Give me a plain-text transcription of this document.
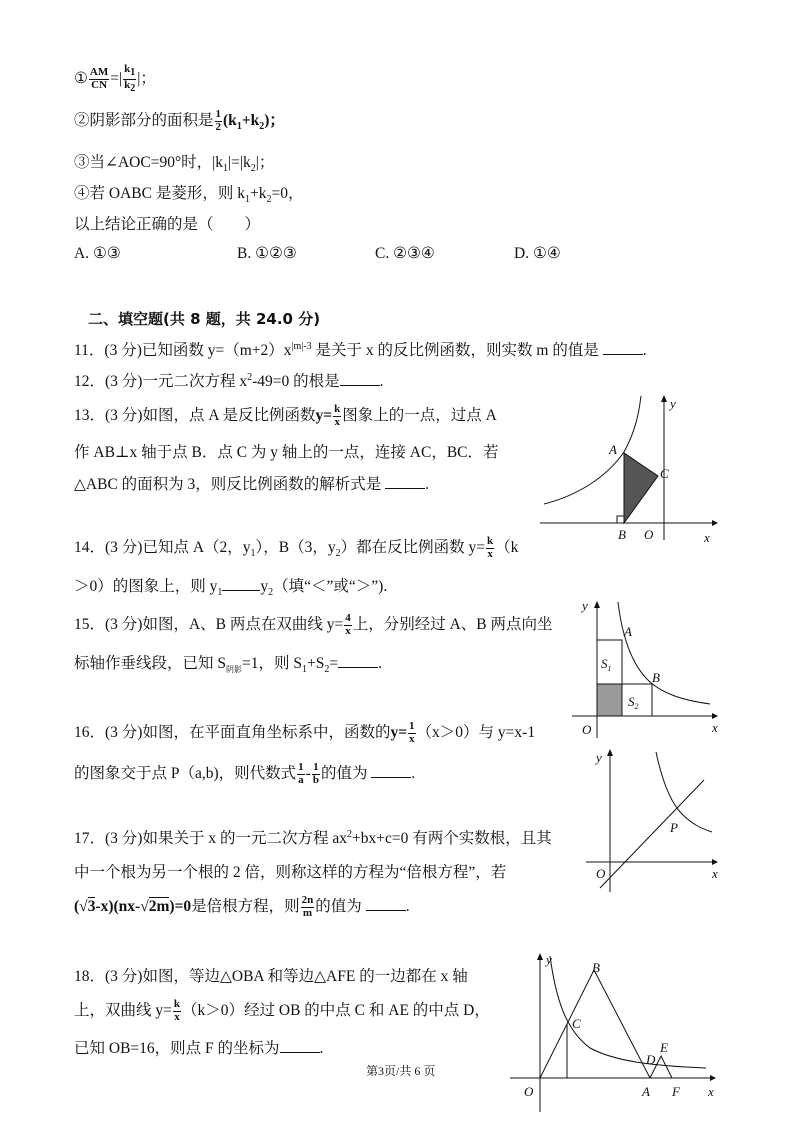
① $\frac{AM}{CN}$ =| $\frac{k_1}{k_2}$ |；
②阴影部分的面积是 $\frac{1}{2} (k_1+k_2)$；
③当∠AOC=90°时，$|k_1|=|k_2|$；
④若 OABC 是菱形，则 $k_1+k_2=0$，
以上结论正确的是（　　）
A. ①③	B. ①②③	C. ②③④	D. ①④
二、填空题(共 8 题，共 24.0 分)
11．(3 分)已知函数 $y=(m+2)x^{|m|-3}$ 是关于 x 的反比例函数，则实数 m 的值是	.
12．(3 分)一元二次方程 $x^2-49=0$ 的根是	.
13．(3 分)如图，点 A 是反比例函数$y= \frac{k}{x}$ 图象上的一点，过点 A
作 AB⊥x 轴于点 B．点 C 为 y 轴上的一点，连接 AC，BC．若
△ABC 的面积为 3，则反比例函数的解析式是	.
A
B
C
O	x
y
14．(3 分)已知点 A（2，$y_1$），B（3，$y_2$）都在反比例函数 $y= \frac{k}{x} (k$
＞0）的图象上，则 $y_1$ $y_2$（填“＜”或“＞”).
15．(3 分)如图，A、B 两点在双曲线 $y= \frac{4}{x}$ 上，分别经过 A、B 两点向坐
标轴作垂线段，已知 $S_{阴影}=1$，则 $S_1+S_2=$	.
y
A
B
$S_1$
$S_2$
O	x
16．(3 分)如图，在平面直角坐标系中，函数的$y= \frac{1}{x} (x>0)$与 y=x-1
的图象交于点 P（a,b)，则代数式 $\frac{1}{a} - \frac{1}{b}$ 的值为	.
y
P
O	x
17．(3 分)如果关于 x 的一元二次方程 $ax^2+bx+c=0$ 有两个实数根，且其
中一个根为另一个根的 2 倍，则称这样的方程为“倍根方程”，若
(√3-x)(nx-√2m)=0是倍根方程，则 $\frac{2n}{m}$ 的值为	.
18．(3 分)如图，等边△OBA 和等边△AFE 的一边都在 x 轴
上，双曲线 $y= \frac{k}{x} (k>0)$经过 OB 的中点 C 和 AE 的中点 D，
已知 OB=16，则点 F 的坐标为	.
y
B
C
D
E
O	A F x
第3页/共 6 页
